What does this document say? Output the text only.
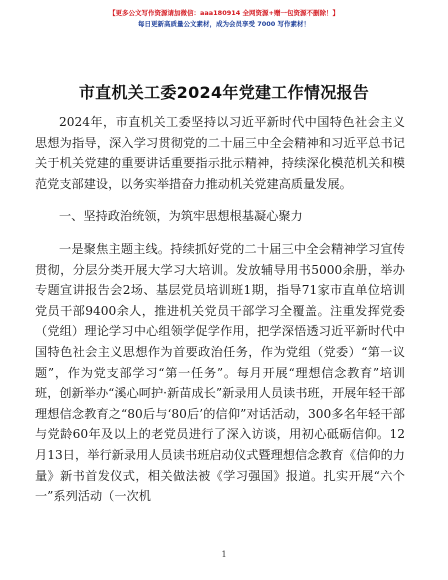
【更多公文写作资源请加微信：aaa180914 全网资源+赠一包资源不删除！】
每日更新高质量公文素材，成为会员享受 7000 写作素材！
市直机关工委2024年党建工作情况报告

2024年，市直机关工委坚持以习近平新时代中国特色社会主义思想为指导，深入学习贯彻党的二十届三中全会精神和习近平总书记关于机关党建的重要讲话重要指示批示精神，持续深化模范机关和模范党支部建设，以务实举措奋力推动机关党建高质量发展。

一、坚持政治统领，为筑牢思想根基凝心聚力

一是聚焦主题主线。持续抓好党的二十届三中全会精神学习宣传贯彻，分层分类开展大学习大培训。发放辅导用书5000余册，举办专题宣讲报告会2场、基层党员培训班1期，指导71家市直单位培训党员干部9400余人，推进机关党员干部学习全覆盖。注重发挥党委（党组）理论学习中心组领学促学作用，把学深悟透习近平新时代中国特色社会主义思想作为首要政治任务，作为党组（党委）“第一议题”，作为党支部学习“第一任务”。每月开展“理想信念教育”培训班，创新举办“溪心呵护·新苗成长”新录用人员读书班，开展年轻干部理想信念教育之“80后与‘80后’的信仰”对话活动，300多名年轻干部与党龄60年及以上的老党员进行了深入访谈，用初心砥砺信仰。12月13日，举行新录用人员读书班启动仪式暨理想信念教育《信仰的力量》新书首发仪式，相关做法被《学习强国》报道。扎实开展“六个一”系列活动（一次机

1
